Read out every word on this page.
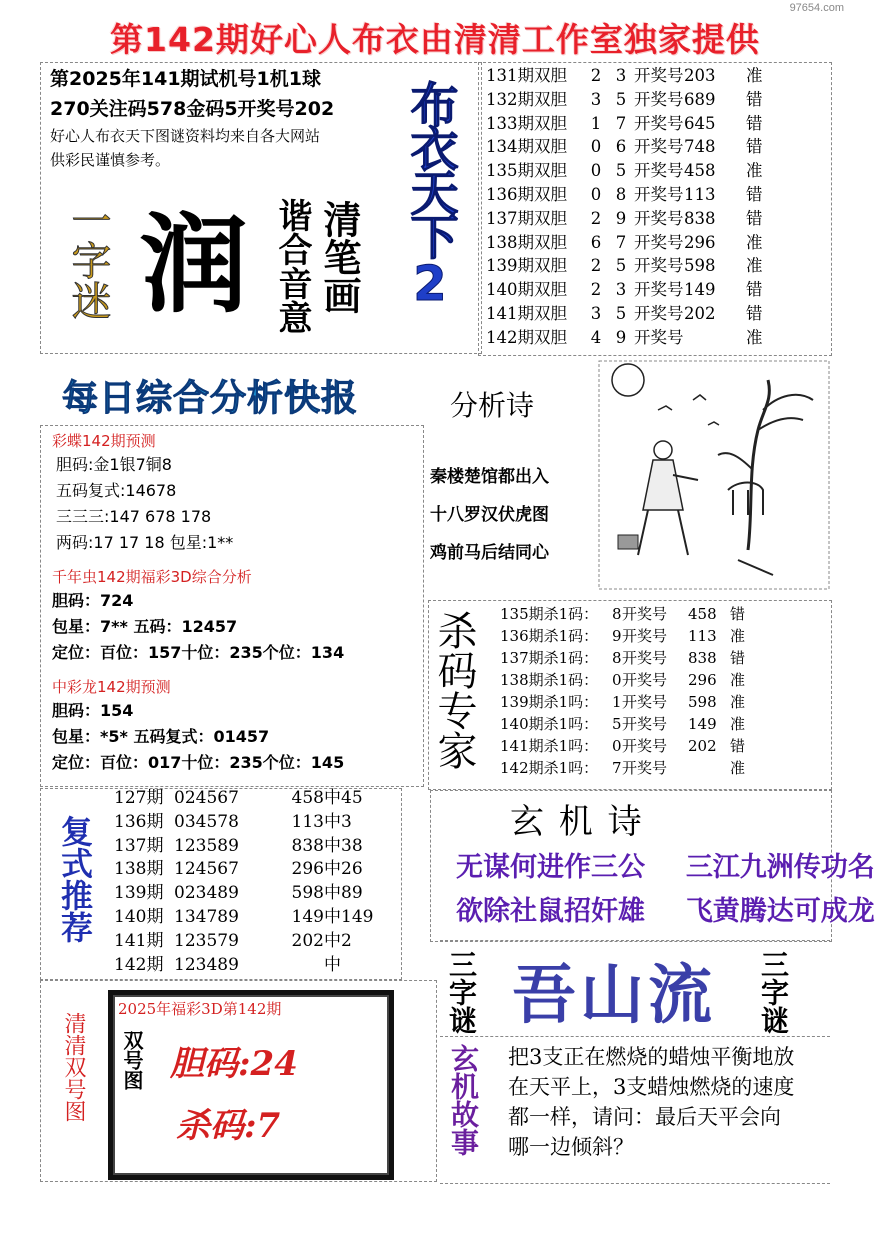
97654.com
第142期好心人布衣由清清工作室独家提供
第2025年141期试机号1机1球
270关注码578金码5开奖号202
好心人布衣天下图谜资料均来自各大网站
供彩民谨慎参考。
一字迷 润 清笔画
谐合音意 布衣天下2
131期双胆 2 3 开奖号203 准
132期双胆 3 5 开奖号689 错
133期双胆 1 7 开奖号645 错
134期双胆 0 6 开奖号748 错
135期双胆 0 5 开奖号458 准
136期双胆 0 8 开奖号113 错
137期双胆 2 9 开奖号838 错
138期双胆 6 7 开奖号296 准
139期双胆 2 5 开奖号598 准
140期双胆 2 3 开奖号149 错
141期双胆 3 5 开奖号202 错
142期双胆 4 9 开奖号	准
每日综合分析快报	分析诗
秦楼楚馆都出入
十八罗汉伏虎图
鸡前马后结同心
彩蝶142期预测
胆码:金1银7铜8
五码复式:14678
三三三:147 678 178
两码:17 17 18 包星:1**
千年虫142期福彩3D综合分析
胆码：724
包星：7** 五码：12457
定位：百位：157十位：235个位：134
中彩龙142期预测
胆码：154
包星：*5* 五码复式：01457
定位：百位：017十位：235个位：145 杀码专家 135期杀1码： 8开奖号 458 错
136期杀1码： 9开奖号 113 准
137期杀1码： 8开奖号 838 错
138期杀1码： 0开奖号 296 准
139期杀1吗： 1开奖号 598 准
140期杀1吗： 5开奖号 149 准
141期杀1吗： 0开奖号 202 错
142期杀1吗： 7开奖号	准
复式推荐
127期 024567	458中45
136期 034578	113中3
137期 123589	838中38
138期 124567	296中26
139期 023489	598中89
140期 134789	149中149
141期 123579	202中2
142期 123489	中
玄 机 诗
无谋何进作三公 三江九洲传功名
欲除社鼠招奸雄 飞黄腾达可成龙
清清双号图
2025年福彩3D第142期
双号图 胆码:24
杀码:7
三字谜 吾山流 三字谜
玄机故事 把3支正在燃烧的蜡烛平衡地放在天平上，3支蜡烛燃烧的速度都一样，请问：最后天平会向哪一边倾斜？
